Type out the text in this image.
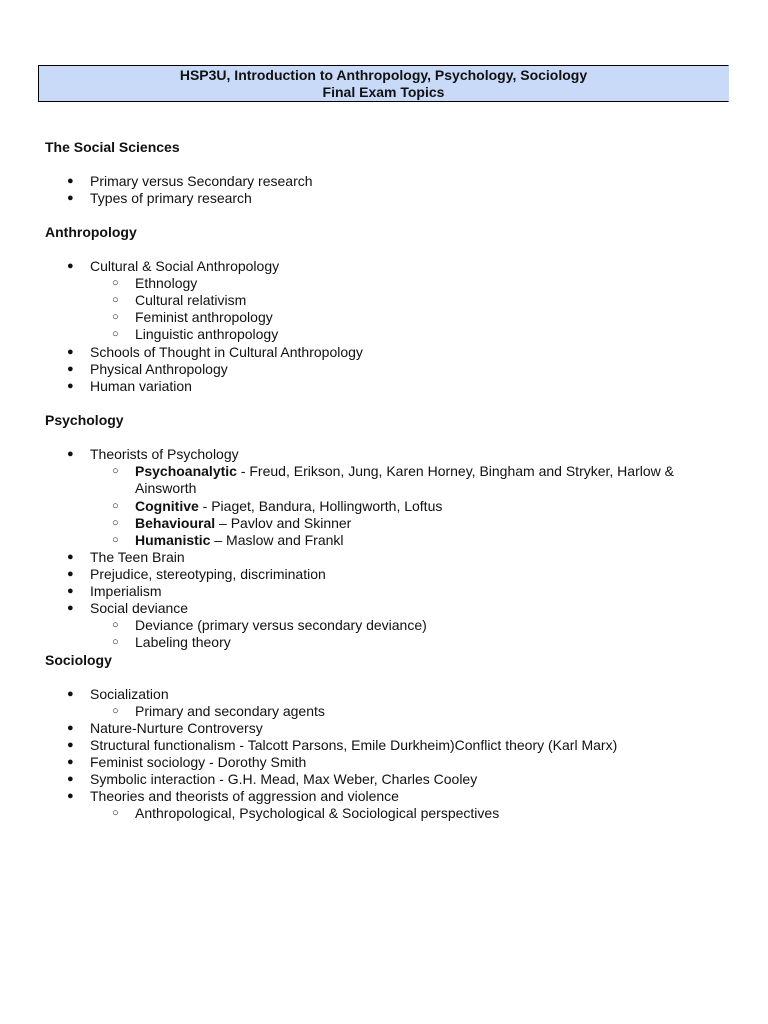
HSP3U, Introduction to Anthropology, Psychology, Sociology
Final Exam Topics
The Social Sciences
● Primary versus Secondary research
● Types of primary research
Anthropology
● Cultural & Social Anthropology
○ Ethnology
○ Cultural relativism
○ Feminist anthropology
○ Linguistic anthropology
● Schools of Thought in Cultural Anthropology
● Physical Anthropology
● Human variation
Psychology
● Theorists of Psychology
○ Psychoanalytic - Freud, Erikson, Jung, Karen Horney, Bingham and Stryker, Harlow &
Ainsworth
○ Cognitive - Piaget, Bandura, Hollingworth, Loftus
○ Behavioural – Pavlov and Skinner
○ Humanistic – Maslow and Frankl
● The Teen Brain
● Prejudice, stereotyping, discrimination
● Imperialism
● Social deviance
○ Deviance (primary versus secondary deviance)
○ Labeling theory
Sociology
● Socialization
○ Primary and secondary agents
● Nature-Nurture Controversy
● Structural functionalism - Talcott Parsons, Emile Durkheim)Conflict theory (Karl Marx)
● Feminist sociology - Dorothy Smith
● Symbolic interaction - G.H. Mead, Max Weber, Charles Cooley
● Theories and theorists of aggression and violence
○ Anthropological, Psychological & Sociological perspectives
